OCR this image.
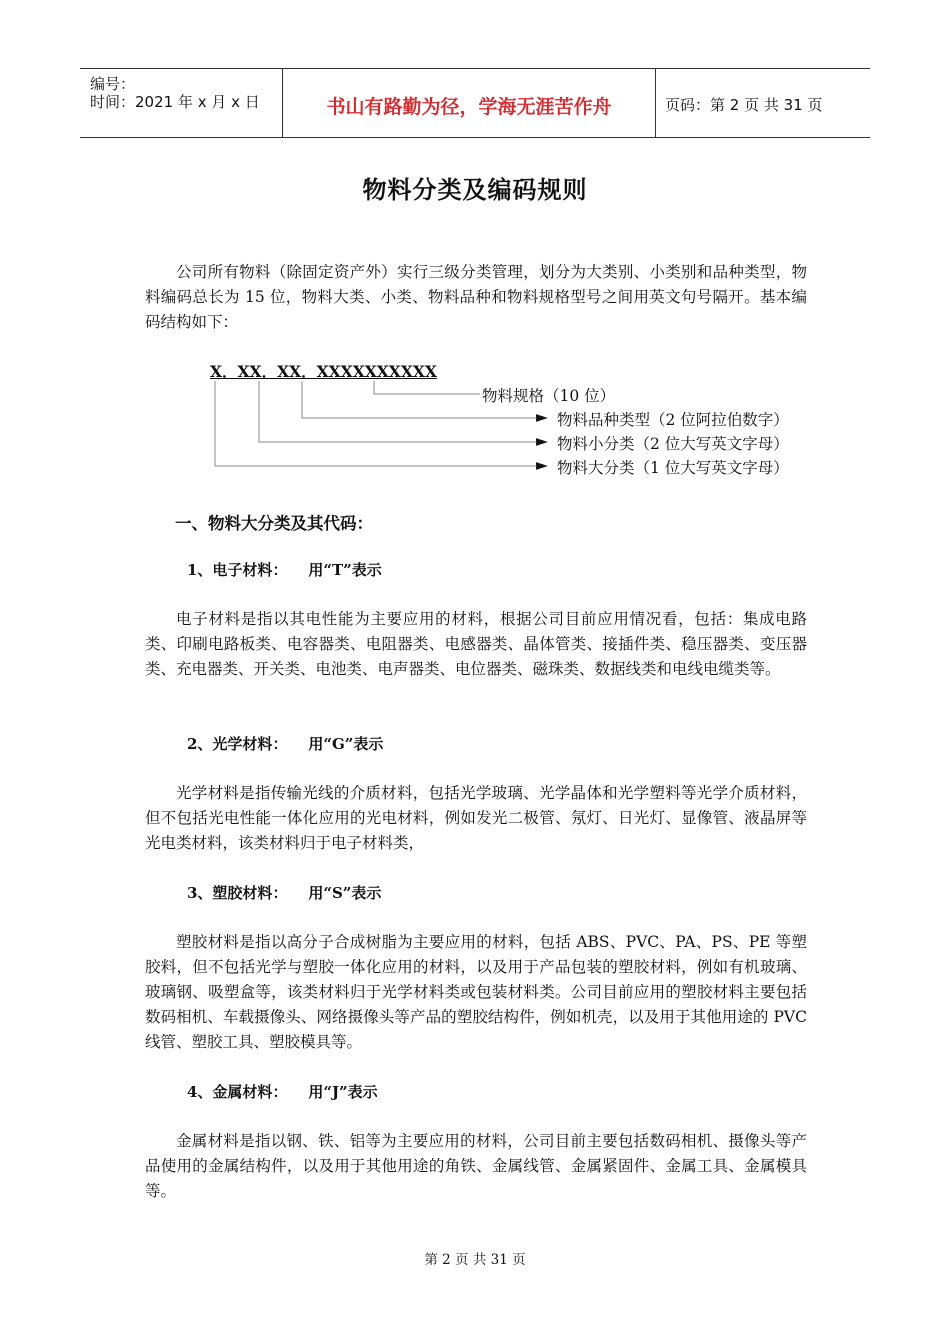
编号：
时间：2021 年 x 月 x 日	书山有路勤为径，学海无涯苦作舟	页码：第 2 页 共 31 页
物料分类及编码规则

公司所有物料（除固定资产外）实行三级分类管理，划分为大类别、小类别和品种类型，物料编码总长为 15 位，物料大类、小类、物料品种和物料规格型号之间用英文句号隔开。基本编码结构如下：

X．XX．XX．XXXXXXXXXX
物料规格（10 位）
► 物料品种类型（2 位阿拉伯数字）
► 物料小分类（2 位大写英文字母）
► 物料大分类（1 位大写英文字母）
一、物料大分类及其代码：
1、电子材料：    用“T”表示

电子材料是指以其电性能为主要应用的材料，根据公司目前应用情况看，包括：集成电路类、印刷电路板类、电容器类、电阻器类、电感器类、晶体管类、接插件类、稳压器类、变压器类、充电器类、开关类、电池类、电声器类、电位器类、磁珠类、数据线类和电线电缆类等。

2、光学材料：    用“G”表示

光学材料是指传输光线的介质材料，包括光学玻璃、光学晶体和光学塑料等光学介质材料，但不包括光电性能一体化应用的光电材料，例如发光二极管、氖灯、日光灯、显像管、液晶屏等光电类材料，该类材料归于电子材料类，

3、塑胶材料：    用“S”表示

塑胶材料是指以高分子合成树脂为主要应用的材料，包括 ABS、PVC、PA、PS、PE 等塑胶料，但不包括光学与塑胶一体化应用的材料，以及用于产品包装的塑胶材料，例如有机玻璃、玻璃钢、吸塑盒等，该类材料归于光学材料类或包装材料类。公司目前应用的塑胶材料主要包括数码相机、车载摄像头、网络摄像头等产品的塑胶结构件，例如机壳，以及用于其他用途的 PVC 线管、塑胶工具、塑胶模具等。

4、金属材料：    用“J”表示

金属材料是指以钢、铁、铝等为主要应用的材料，公司目前主要包括数码相机、摄像头等产品使用的金属结构件，以及用于其他用途的角铁、金属线管、金属紧固件、金属工具、金属模具等。

第 2 页 共 31 页
